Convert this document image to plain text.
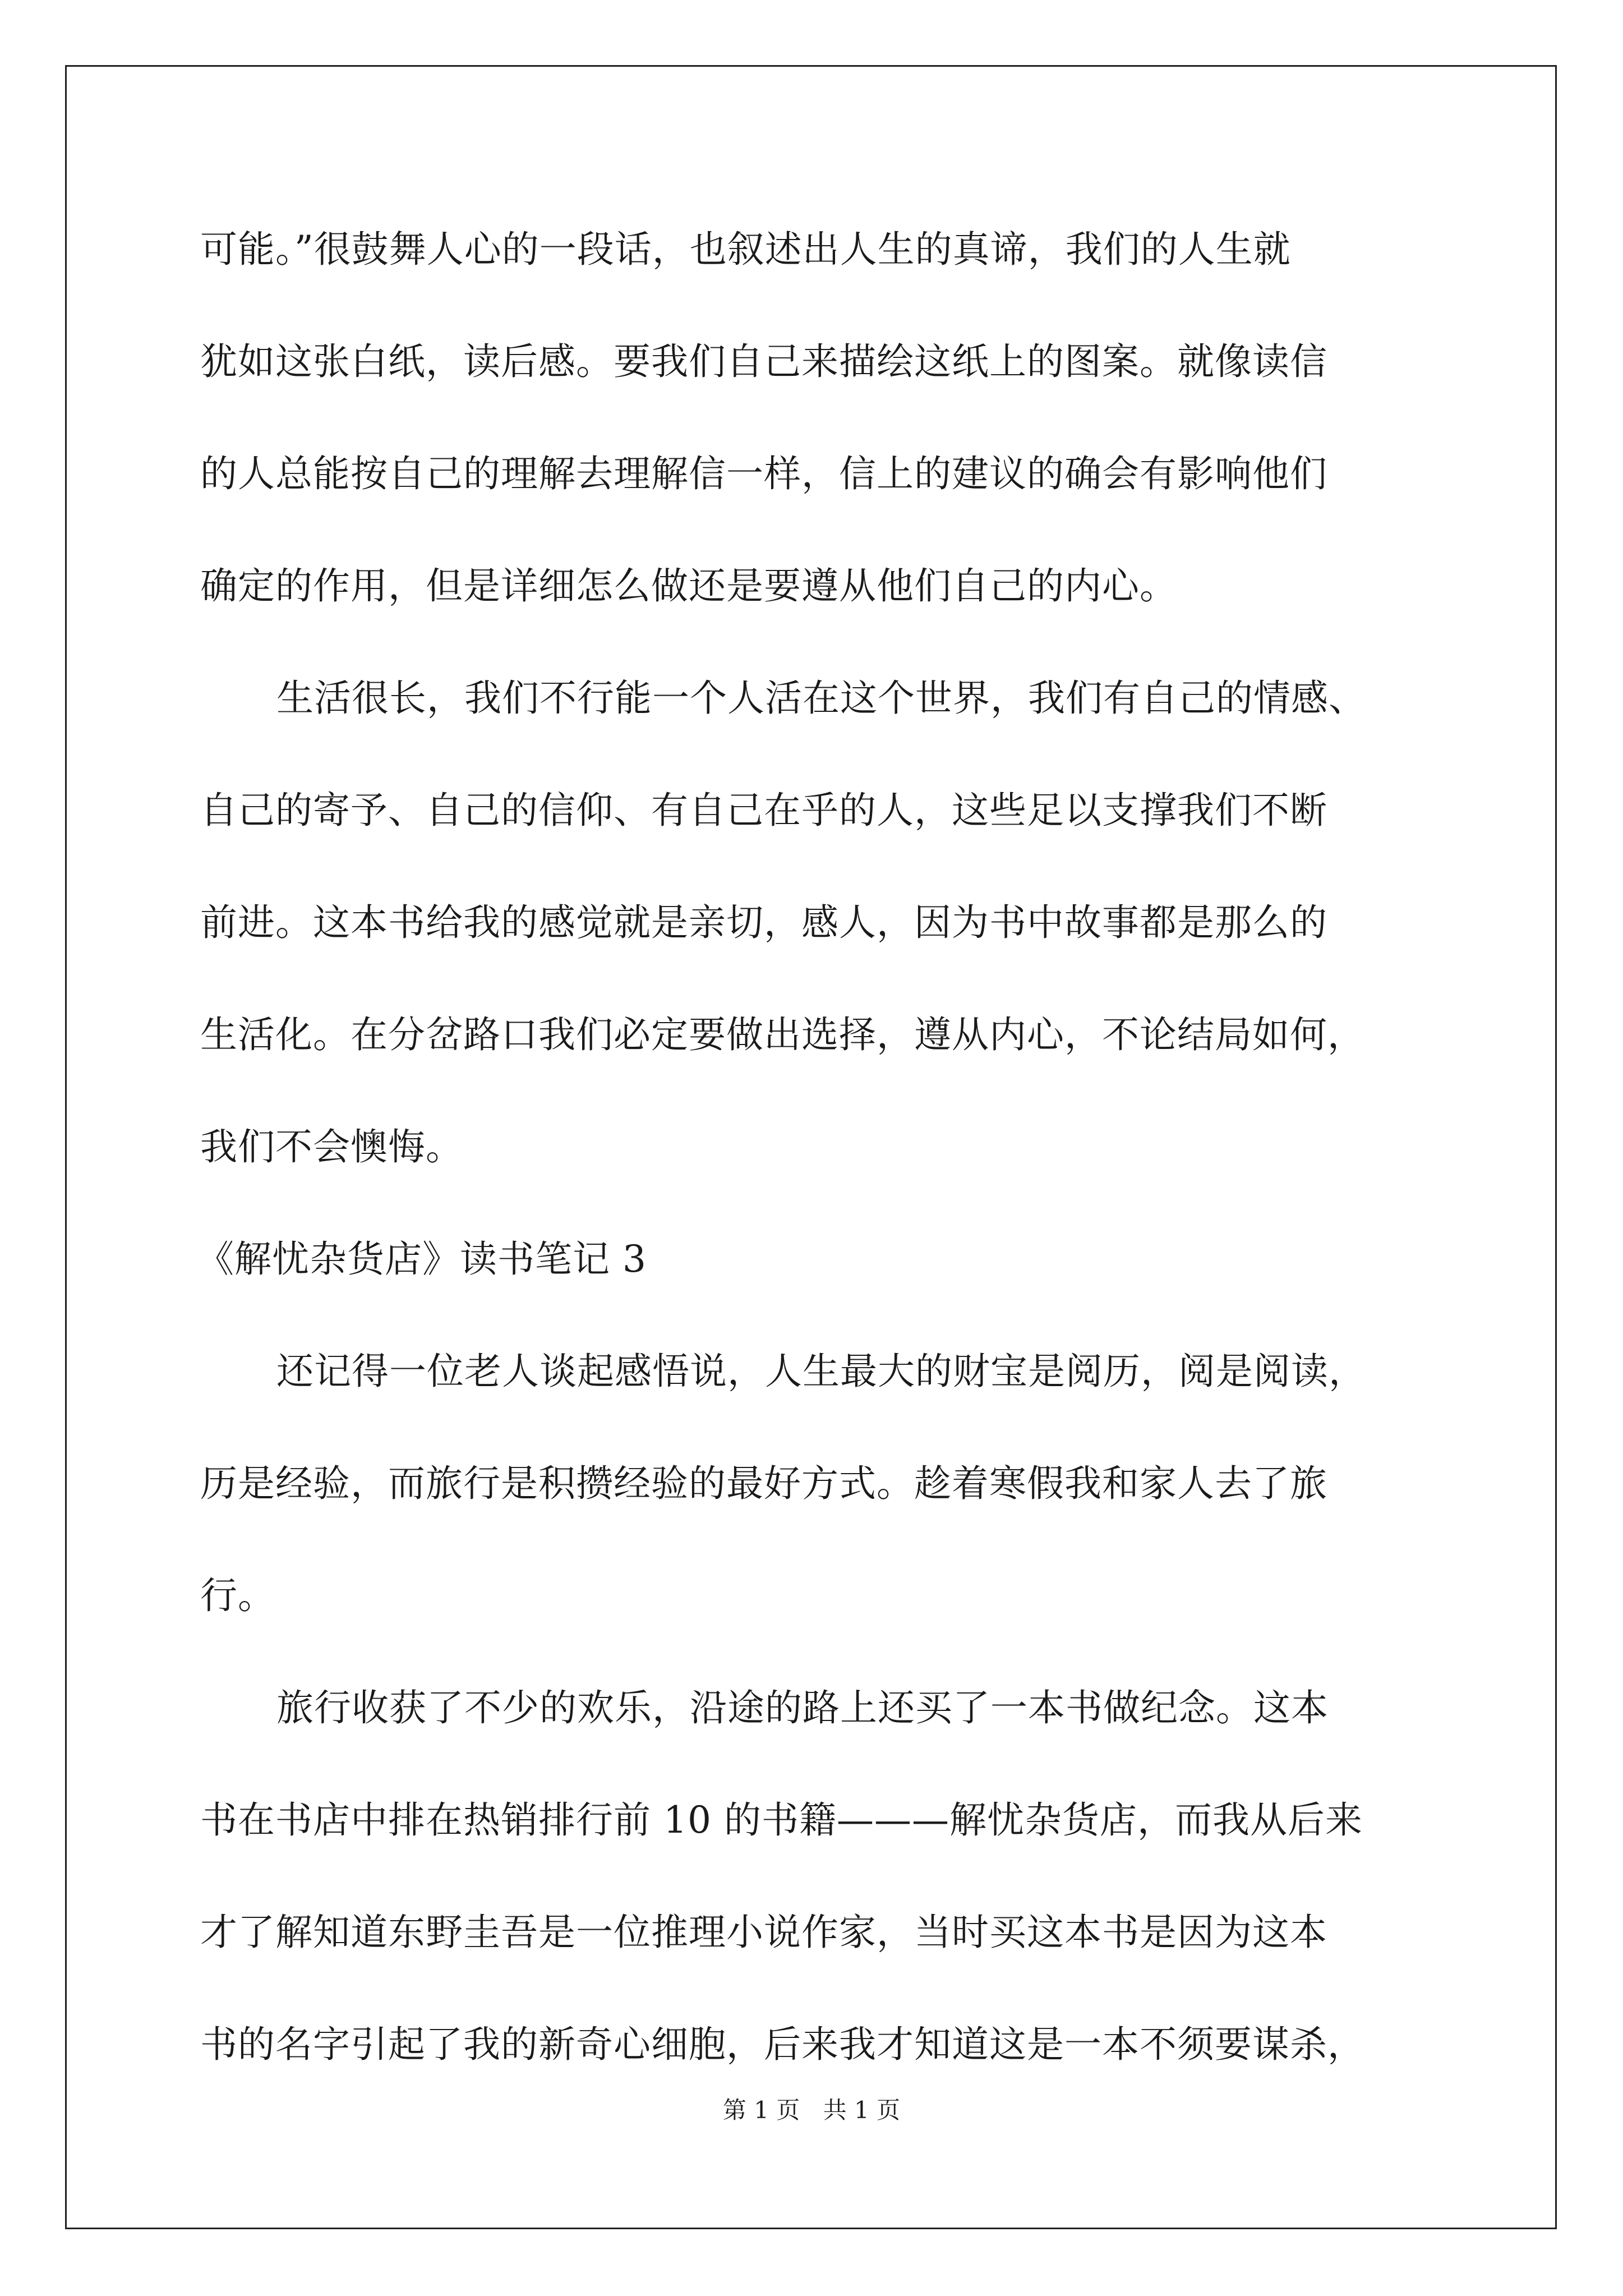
可能。”很鼓舞人心的一段话，也叙述出人生的真谛，我们的人生就
犹如这张白纸，读后感。要我们自己来描绘这纸上的图案。就像读信
的人总能按自己的理解去理解信一样，信上的建议的确会有影响他们
确定的作用，但是详细怎么做还是要遵从他们自己的内心。
生活很长，我们不行能一个人活在这个世界，我们有自己的情感、
自己的寄予、自己的信仰、有自己在乎的人，这些足以支撑我们不断
前进。这本书给我的感觉就是亲切，感人，因为书中故事都是那么的
生活化。在分岔路口我们必定要做出选择，遵从内心，不论结局如何，
我们不会懊悔。
《解忧杂货店》读书笔记 3
还记得一位老人谈起感悟说，人生最大的财宝是阅历，阅是阅读，
历是经验，而旅行是积攒经验的最好方式。趁着寒假我和家人去了旅
行。
旅行收获了不少的欢乐，沿途的路上还买了一本书做纪念。这本
书在书店中排在热销排行前 10 的书籍———解忧杂货店，而我从后来
才了解知道东野圭吾是一位推理小说作家，当时买这本书是因为这本
书的名字引起了我的新奇心细胞，后来我才知道这是一本不须要谋杀，
第 1 页 共 1 页
